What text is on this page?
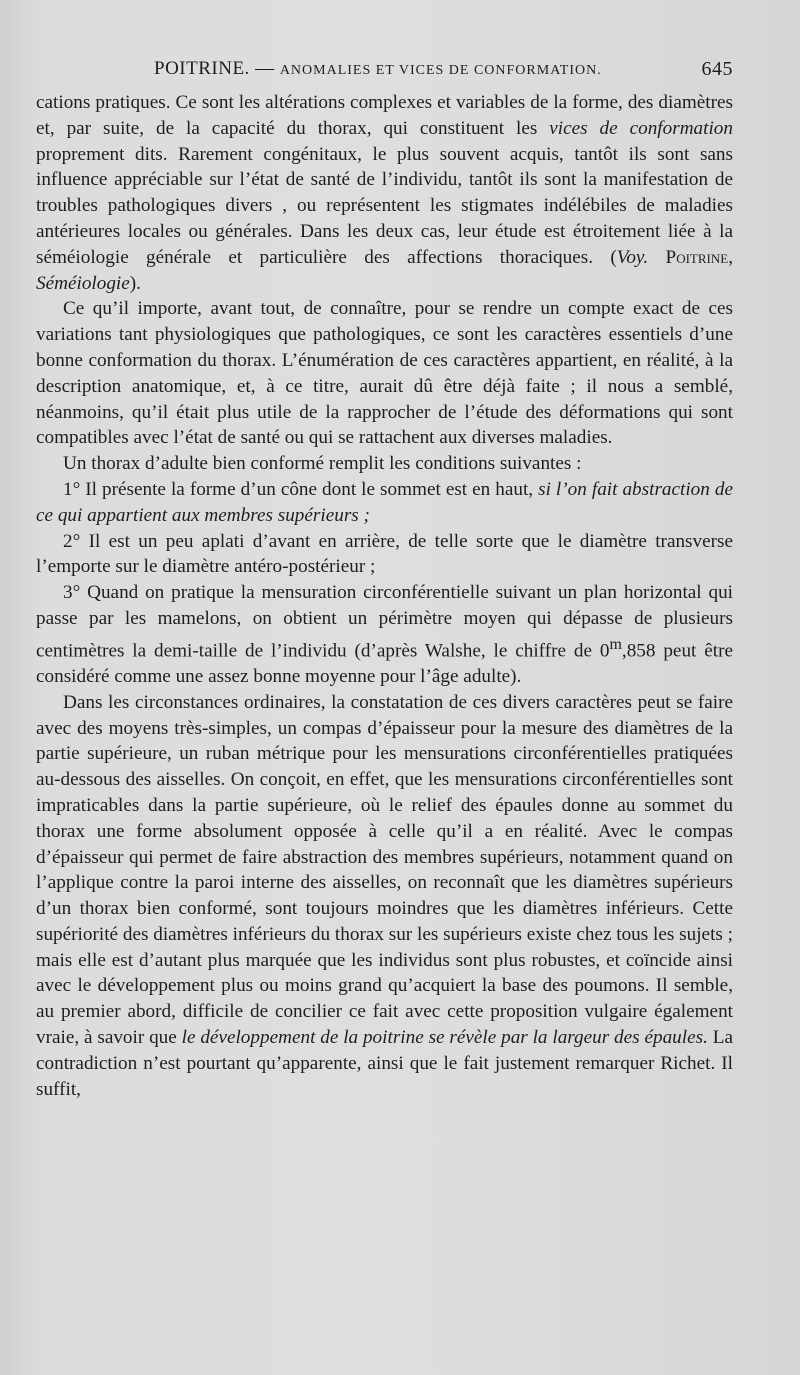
POITRINE. — ANOMALIES ET VICES DE CONFORMATION.	645

cations pratiques. Ce sont les altérations complexes et variables de la forme, des diamètres et, par suite, de la capacité du thorax, qui constituent les vices de conformation proprement dits. Rarement congénitaux, le plus souvent acquis, tantôt ils sont sans influence appréciable sur l’état de santé de l’individu, tantôt ils sont la manifestation de troubles pathologiques divers , ou représentent les stigmates indélébiles de maladies antérieures locales ou générales. Dans les deux cas, leur étude est étroitement liée à la séméiologie générale et particulière des affections thoraciques. (Voy. Poitrine, Séméiologie).

Ce qu’il importe, avant tout, de connaître, pour se rendre un compte exact de ces variations tant physiologiques que pathologiques, ce sont les caractères essentiels d’une bonne conformation du thorax. L’énumération de ces caractères appartient, en réalité, à la description anatomique, et, à ce titre, aurait dû être déjà faite ; il nous a semblé, néanmoins, qu’il était plus utile de la rapprocher de l’étude des déformations qui sont compatibles avec l’état de santé ou qui se rattachent aux diverses maladies.

Un thorax d’adulte bien conformé remplit les conditions suivantes :

1° Il présente la forme d’un cône dont le sommet est en haut, si l’on fait abstraction de ce qui appartient aux membres supérieurs ;

2° Il est un peu aplati d’avant en arrière, de telle sorte que le diamètre transverse l’emporte sur le diamètre antéro-postérieur ;

3° Quand on pratique la mensuration circonférentielle suivant un plan horizontal qui passe par les mamelons, on obtient un périmètre moyen qui dépasse de plusieurs centimètres la demi-taille de l’individu (d’après Walshe, le chiffre de 0$^m$,858 peut être considéré comme une assez bonne moyenne pour l’âge adulte).

Dans les circonstances ordinaires, la constatation de ces divers caractères peut se faire avec des moyens très-simples, un compas d’épaisseur pour la mesure des diamètres de la partie supérieure, un ruban métrique pour les mensurations circonférentielles pratiquées au-dessous des aisselles. On conçoit, en effet, que les mensurations circonférentielles sont impraticables dans la partie supérieure, où le relief des épaules donne au sommet du thorax une forme absolument opposée à celle qu’il a en réalité. Avec le compas d’épaisseur qui permet de faire abstraction des membres supérieurs, notamment quand on l’applique contre la paroi interne des aisselles, on reconnaît que les diamètres supérieurs d’un thorax bien conformé, sont toujours moindres que les diamètres inférieurs. Cette supériorité des diamètres inférieurs du thorax sur les supérieurs existe chez tous les sujets ; mais elle est d’autant plus marquée que les individus sont plus robustes, et coïncide ainsi avec le développement plus ou moins grand qu’acquiert la base des poumons. Il semble, au premier abord, difficile de concilier ce fait avec cette proposition vulgaire également vraie, à savoir que le développement de la poitrine se révèle par la largeur des épaules. La contradiction n’est pourtant qu’apparente, ainsi que le fait justement remarquer Richet. Il suffit,
